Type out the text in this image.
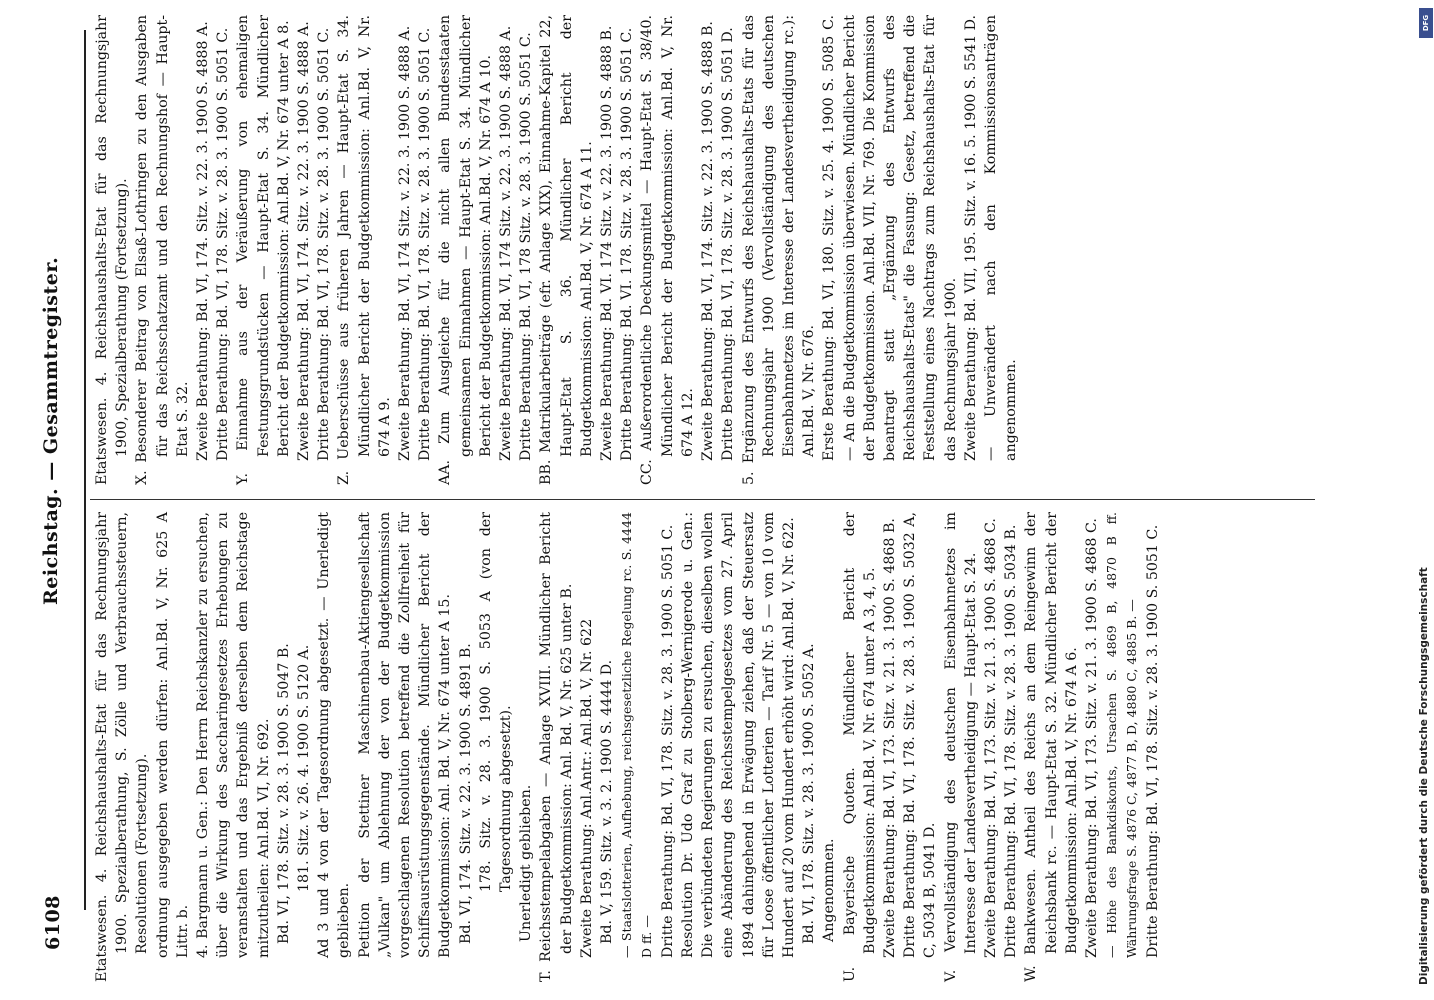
6108
Reichstag. — Gesammtregister.

Etatswesen. 4. Reichshaushalts-Etat für das Rechnungsjahr 1900. Spezialberathung, S. Zölle und Verbrauchssteuern, Resolutionen (Fortsetzung). ordnung ausgegeben werden dürfen: Anl.Bd. V, Nr. 625 A Littr. b. 4. Bargmann u. Gen.: Den Herrn Reichskanzler zu ersuchen, über die Wirkung des Saccharingesetzes Erhebungen zu veranstalten und das Ergebniß derselben dem Reichstage mitzutheilen: Anl.Bd. VI, Nr. 692. Bd. VI, 178. Sitz. v. 28. 3. 1900 S. 5047 B. 181. Sitz. v. 26. 4. 1900 S. 5120 A. Ad 3 und 4 von der Tagesordnung abgesetzt. — Unerledigt geblieben. Petition der Stettiner Maschinenbau-Aktiengesellschaft „Vulkan" um Ablehnung der von der Budgetkommission vorgeschlagenen Resolution betreffend die Zollfreiheit für Schiffsausrüstungsgegenstände. Mündlicher Bericht der Budgetkommission: Anl. Bd. V, Nr. 674 unter A 15. Bd. VI, 174. Sitz. v. 22. 3. 1900 S. 4891 B. 178. Sitz. v. 28. 3. 1900 S. 5053 A (von der Tagesordnung abgesetzt). Unerledigt geblieben. T. Reichsstempelabgaben — Anlage XVIII. Mündlicher Bericht der Budgetkommission: Anl. Bd. V, Nr. 625 unter B. Zweite Berathung: Anl.Antr.: Anl.Bd. V, Nr. 622 Bd. V, 159. Sitz. v. 3. 2. 1900 S. 4444 D. — Staatslotterien, Aufhebung, reichsgesetzliche Regelung rc. S. 4444 D ff. — Dritte Berathung: Bd. VI, 178. Sitz. v. 28. 3. 1900 S. 5051 C. Resolution Dr. Udo Graf zu Stolberg-Wernigerode u. Gen.: Die verbündeten Regierungen zu ersuchen, dieselben wollen eine Abänderung des Reichsstempelgesetzes vom 27. April 1894 dahingehend in Erwägung ziehen, daß der Steuersatz für Loose öffentlicher Lotterien — Tarif Nr. 5 — von 10 vom Hundert auf 20 vom Hundert erhöht wird: Anl.Bd. V, Nr. 622. Bd. VI, 178. Sitz. v. 28. 3. 1900 S. 5052 A. Angenommen. U. Bayerische Quoten. Mündlicher Bericht der Budgetkommission: Anl.Bd. V, Nr. 674 unter A 3, 4, 5. Zweite Berathung: Bd. VI, 173. Sitz. v. 21. 3. 1900 S. 4868 B. Dritte Berathung: Bd. VI, 178. Sitz. v. 28. 3. 1900 S. 5032 A, C, 5034 B, 5041 D. V. Vervollständigung des deutschen Eisenbahnnetzes im Interesse der Landesvertheidigung — Haupt-Etat S. 24. Zweite Berathung: Bd. VI, 173. Sitz. v. 21. 3. 1900 S. 4868 C. Dritte Berathung: Bd. VI, 178. Sitz. v. 28. 3. 1900 S. 5034 B. W. Bankwesen. Antheil des Reichs an dem Reingewinn der Reichsbank rc. — Haupt-Etat S. 32. Mündlicher Bericht der Budgetkommission: Anl.Bd. V, Nr. 674 A 6. Zweite Berathung: Bd. VI, 173. Sitz. v. 21. 3. 1900 S. 4868 C. — Höhe des Bankdiskonts, Ursachen S. 4869 B, 4870 B ff. Währungsfrage S. 4876 C, 4877 B, D, 4880 C, 4885 B. — Dritte Berathung: Bd. VI, 178. Sitz. v. 28. 3. 1900 S. 5051 C.

Etatswesen. 4. Reichshaushalts-Etat für das Rechnungsjahr 1900, Spezialberathung (Fortsetzung). X. Besonderer Beitrag von Elsaß-Lothringen zu den Ausgaben für das Reichsschatzamt und den Rechnungshof — Haupt-Etat S. 32. Zweite Berathung: Bd. VI, 174. Sitz. v. 22. 3. 1900 S. 4888 A. Dritte Berathung: Bd. VI, 178. Sitz. v. 28. 3. 1900 S. 5051 C. Y. Einnahme aus der Veräußerung von ehemaligen Festungsgrundstücken — Haupt-Etat S. 34. Mündlicher Bericht der Budgetkommission: Anl.Bd. V, Nr. 674 unter A 8. Zweite Berathung: Bd. VI, 174. Sitz. v. 22. 3. 1900 S. 4888 A. Dritte Berathung: Bd. VI, 178. Sitz. v. 28. 3. 1900 S. 5051 C. Z. Ueberschüsse aus früheren Jahren — Haupt-Etat S. 34. Mündlicher Bericht der Budgetkommission: Anl.Bd. V, Nr. 674 A 9. Zweite Berathung: Bd. VI, 174 Sitz. v. 22. 3. 1900 S. 4888 A. Dritte Berathung: Bd. VI, 178. Sitz. v. 28. 3. 1900 S. 5051 C. AA. Zum Ausgleiche für die nicht allen Bundesstaaten gemeinsamen Einnahmen — Haupt-Etat S. 34. Mündlicher Bericht der Budgetkommission: Anl.Bd. V, Nr. 674 A 10. Zweite Berathung: Bd. VI, 174 Sitz. v. 22. 3. 1900 S. 4888 A. Dritte Berathung: Bd. VI, 178 Sitz. v. 28. 3. 1900 S. 5051 C. BB. Matrikularbeiträge (efr. Anlage XIX), Einnahme-Kapitel 22, Haupt-Etat S. 36. Mündlicher Bericht der Budgetkommission: Anl.Bd. V, Nr. 674 A 11. Zweite Berathung: Bd. VI. 174 Sitz. v. 22. 3. 1900 S. 4888 B. Dritte Berathung: Bd. VI. 178. Sitz. v. 28. 3. 1900 S. 5051 C. CC. Außerordentliche Deckungsmittel — Haupt-Etat S. 38/40. Mündlicher Bericht der Budgetkommission: Anl.Bd. V, Nr. 674 A 12. Zweite Berathung: Bd. VI, 174. Sitz. v. 22. 3. 1900 S. 4888 B. Dritte Berathung: Bd. VI, 178. Sitz. v. 28. 3. 1900 S. 5051 D. 5. Ergänzung des Entwurfs des Reichshaushalts-Etats für das Rechnungsjahr 1900 (Vervollständigung des deutschen Eisenbahnnetzes im Interesse der Landesvertheidigung rc.): Anl.Bd. V, Nr. 676. Erste Berathung: Bd. VI, 180. Sitz. v. 25. 4. 1900 S. 5085 C. — An die Budgetkommission überwiesen. Mündlicher Bericht der Budgetkommission. Anl.Bd. VII, Nr. 769. Die Kommission beantragt statt „Ergänzung des Entwurfs des Reichshaushalts-Etats" die Fassung: Gesetz, betreffend die Feststellung eines Nachtrags zum Reichshaushalts-Etat für das Rechnungsjahr 1900. Zweite Berathung: Bd. VII, 195. Sitz. v. 16. 5. 1900 S. 5541 D. — Unverändert nach den Kommissionsanträgen angenommen.

DFG
Digitalisierung gefördert durch die Deutsche Forschungsgemeinschaft
